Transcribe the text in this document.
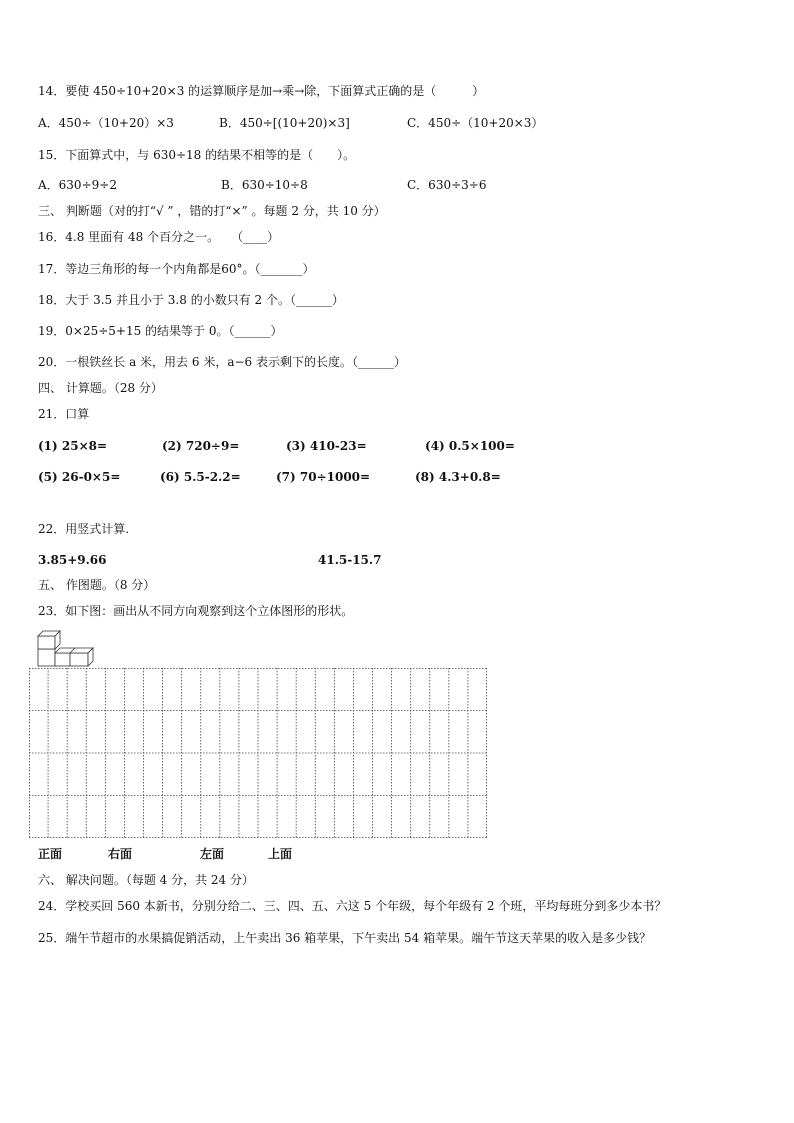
14．要使 450÷10+20×3 的运算顺序是加→乘→除，下面算式正确的是（　　　）
A．450÷（10+20）×3	B．450÷[(10+20)×3]	C．450÷（10+20×3）
15．下面算式中，与 630÷18 的结果不相等的是（　　）。
A．630÷9÷2	B．630÷10÷8	C．630÷3÷6
三、 判断题（对的打“√ ” ，错的打“×” 。每题 2 分，共 10 分）
16．4.8 里面有 48 个百分之一。　　（____）
17．等边三角形的每一个内角都是60°。（_______）
18．大于 3.5 并且小于 3.8 的小数只有 2 个。（______）
19．0×25÷5+15 的结果等于 0。（______）
20．一根铁丝长 a 米，用去 6 米，a−6 表示剩下的长度。（______）
四、 计算题。（28 分）
21．口算
(1) 25×8=	(2) 720÷9=	(3) 410-23=	(4) 0.5×100=
(5) 26-0×5=	(6) 5.5-2.2=	(7) 70÷1000=	(8) 4.3+0.8=
22．用竖式计算.
3.85+9.66	41.5-15.7
五、 作图题。（8 分）
23．如下图：画出从不同方向观察到这个立体图形的形状。
正面	右面	左面	上面
六、 解决问题。（每题 4 分，共 24 分）
24．学校买回 560 本新书，分别分给二、三、四、五、六这 5 个年级，每个年级有 2 个班，平均每班分到多少本书？
25．端午节超市的水果搞促销活动，上午卖出 36 箱苹果，下午卖出 54 箱苹果。端午节这天苹果的收入是多少钱？
